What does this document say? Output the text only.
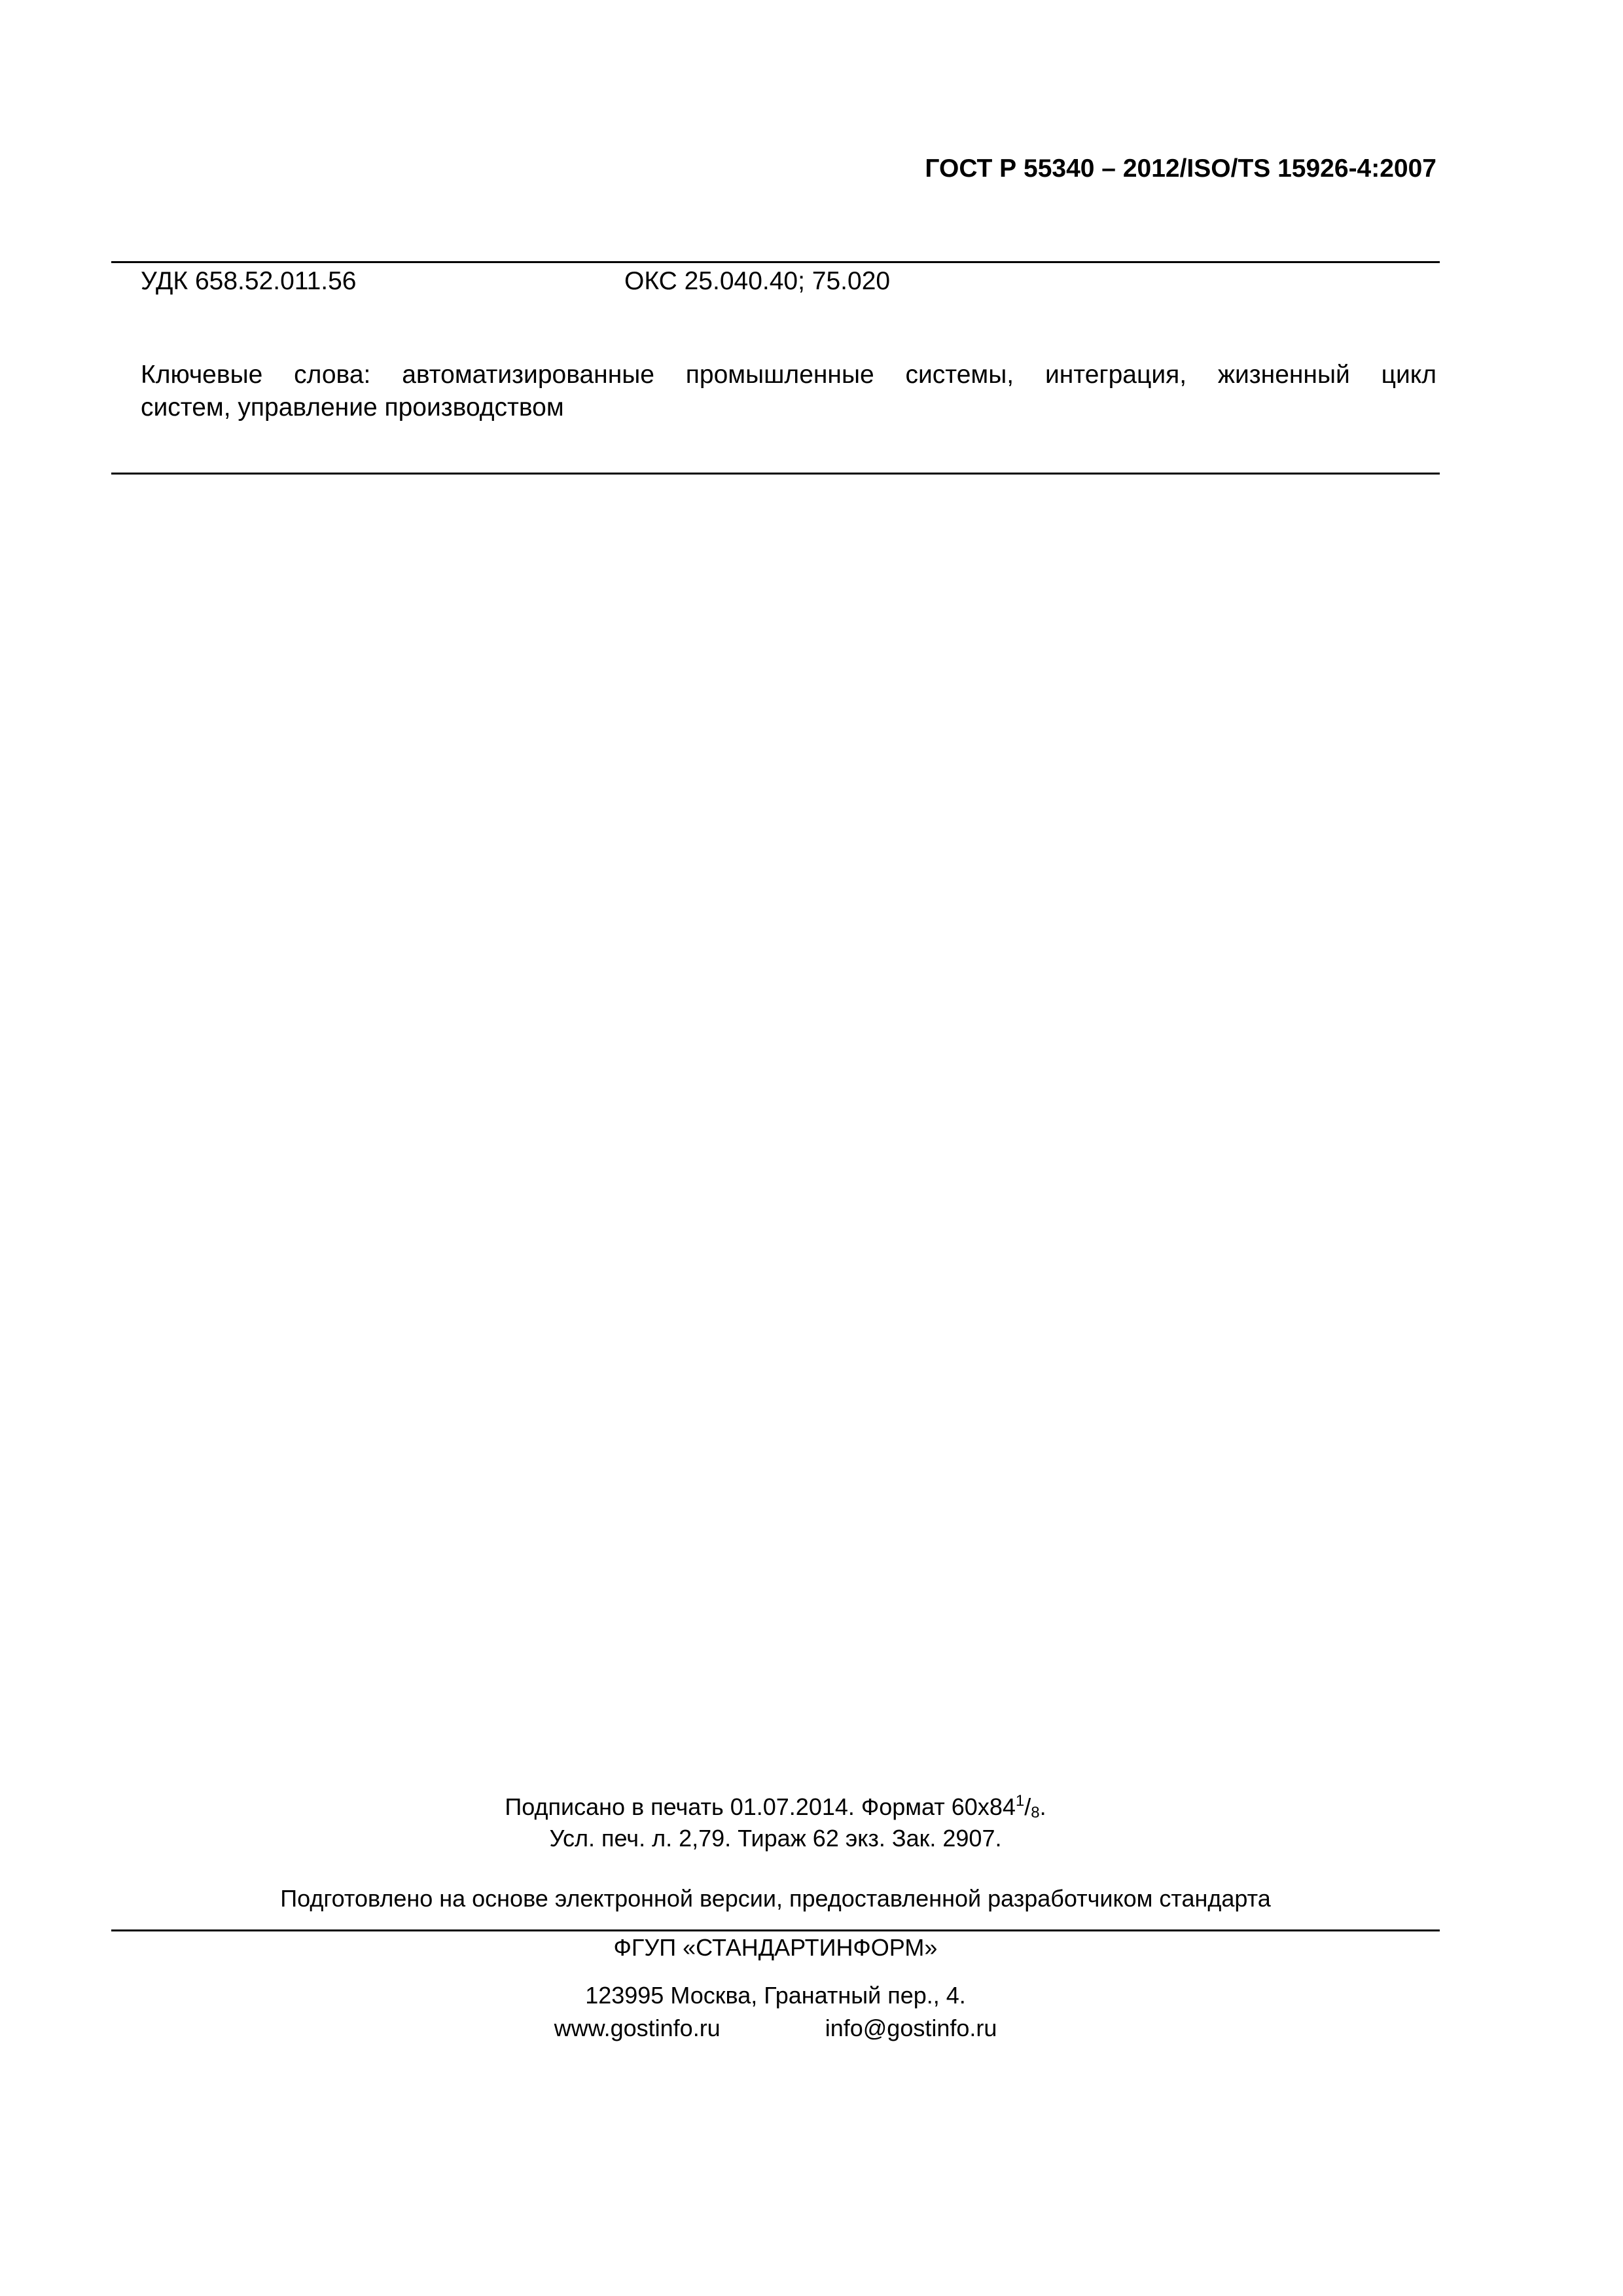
ГОСТ Р 55340 – 2012/ISO/TS 15926-4:2007
УДК 658.52.011.56	ОКС 25.040.40; 75.020
Ключевые слова: автоматизированные промышленные системы, интеграция, жизненный цикл
систем, управление производством
Подписано в печать 01.07.2014. Формат $60х84^1/_8$.
Усл. печ. л. 2,79. Тираж 62 экз. Зак. 2907.
Подготовлено на основе электронной версии, предоставленной разработчиком стандарта
ФГУП «СТАНДАРТИНФОРМ»
123995 Москва, Гранатный пер., 4.
www.gostinfo.ru	info@gostinfo.ru
